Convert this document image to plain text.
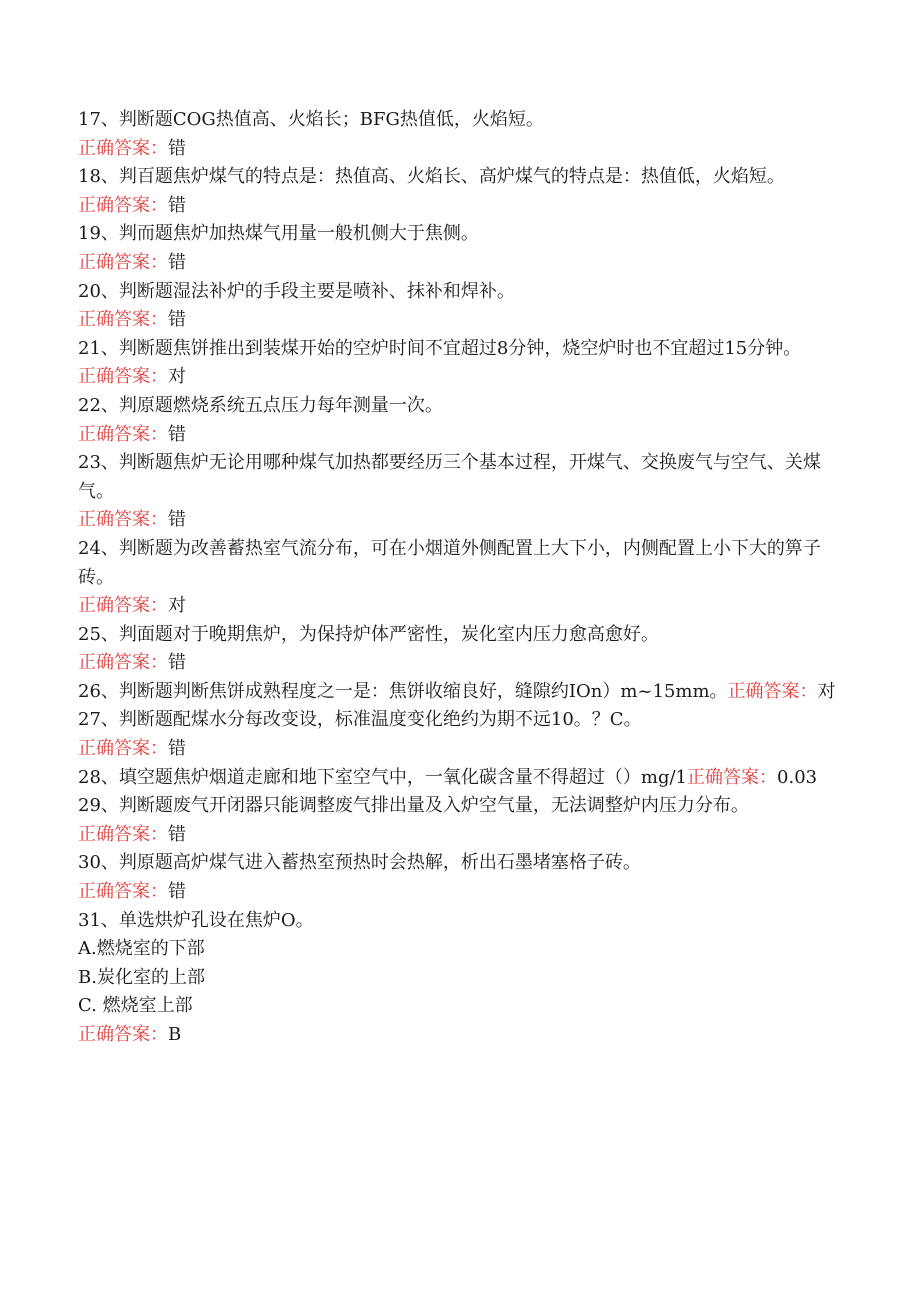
17、判断题COG热值高、火焰长；BFG热值低，火焰短。

正确答案：错

18、判百题焦炉煤气的特点是：热值高、火焰长、高炉煤气的特点是：热值低，火焰短。

正确答案：错

19、判而题焦炉加热煤气用量一般机侧大于焦侧。

正确答案：错

20、判断题湿法补炉的手段主要是喷补、抹补和焊补。

正确答案：错

21、判断题焦饼推出到装煤开始的空炉时间不宜超过8分钟，烧空炉时也不宜超过15分钟。

正确答案：对

22、判原题燃烧系统五点压力每年测量一次。

正确答案：错

23、判断题焦炉无论用哪种煤气加热都要经历三个基本过程，开煤气、交换废气与空气、关煤气。

正确答案：错

24、判断题为改善蓄热室气流分布，可在小烟道外侧配置上大下小，内侧配置上小下大的箅子砖。

正确答案：对

25、判面题对于晚期焦炉，为保持炉体严密性，炭化室内压力愈高愈好。

正确答案：错

26、判断题判断焦饼成熟程度之一是：焦饼收缩良好，缝隙约IOn）m~15mm。正确答案：对

27、判断题配煤水分每改变设，标准温度变化绝约为期不远10。？C。

正确答案：错

28、填空题焦炉烟道走廊和地下室空气中，一氧化碳含量不得超过（）mg/1正确答案：0.03

29、判断题废气开闭器只能调整废气排出量及入炉空气量，无法调整炉内压力分布。

正确答案：错

30、判原题高炉煤气进入蓄热室预热时会热解，析出石墨堵塞格子砖。

正确答案：错

31、单选烘炉孔设在焦炉O。

A.燃烧室的下部

B.炭化室的上部

C. 燃烧室上部

正确答案：B
